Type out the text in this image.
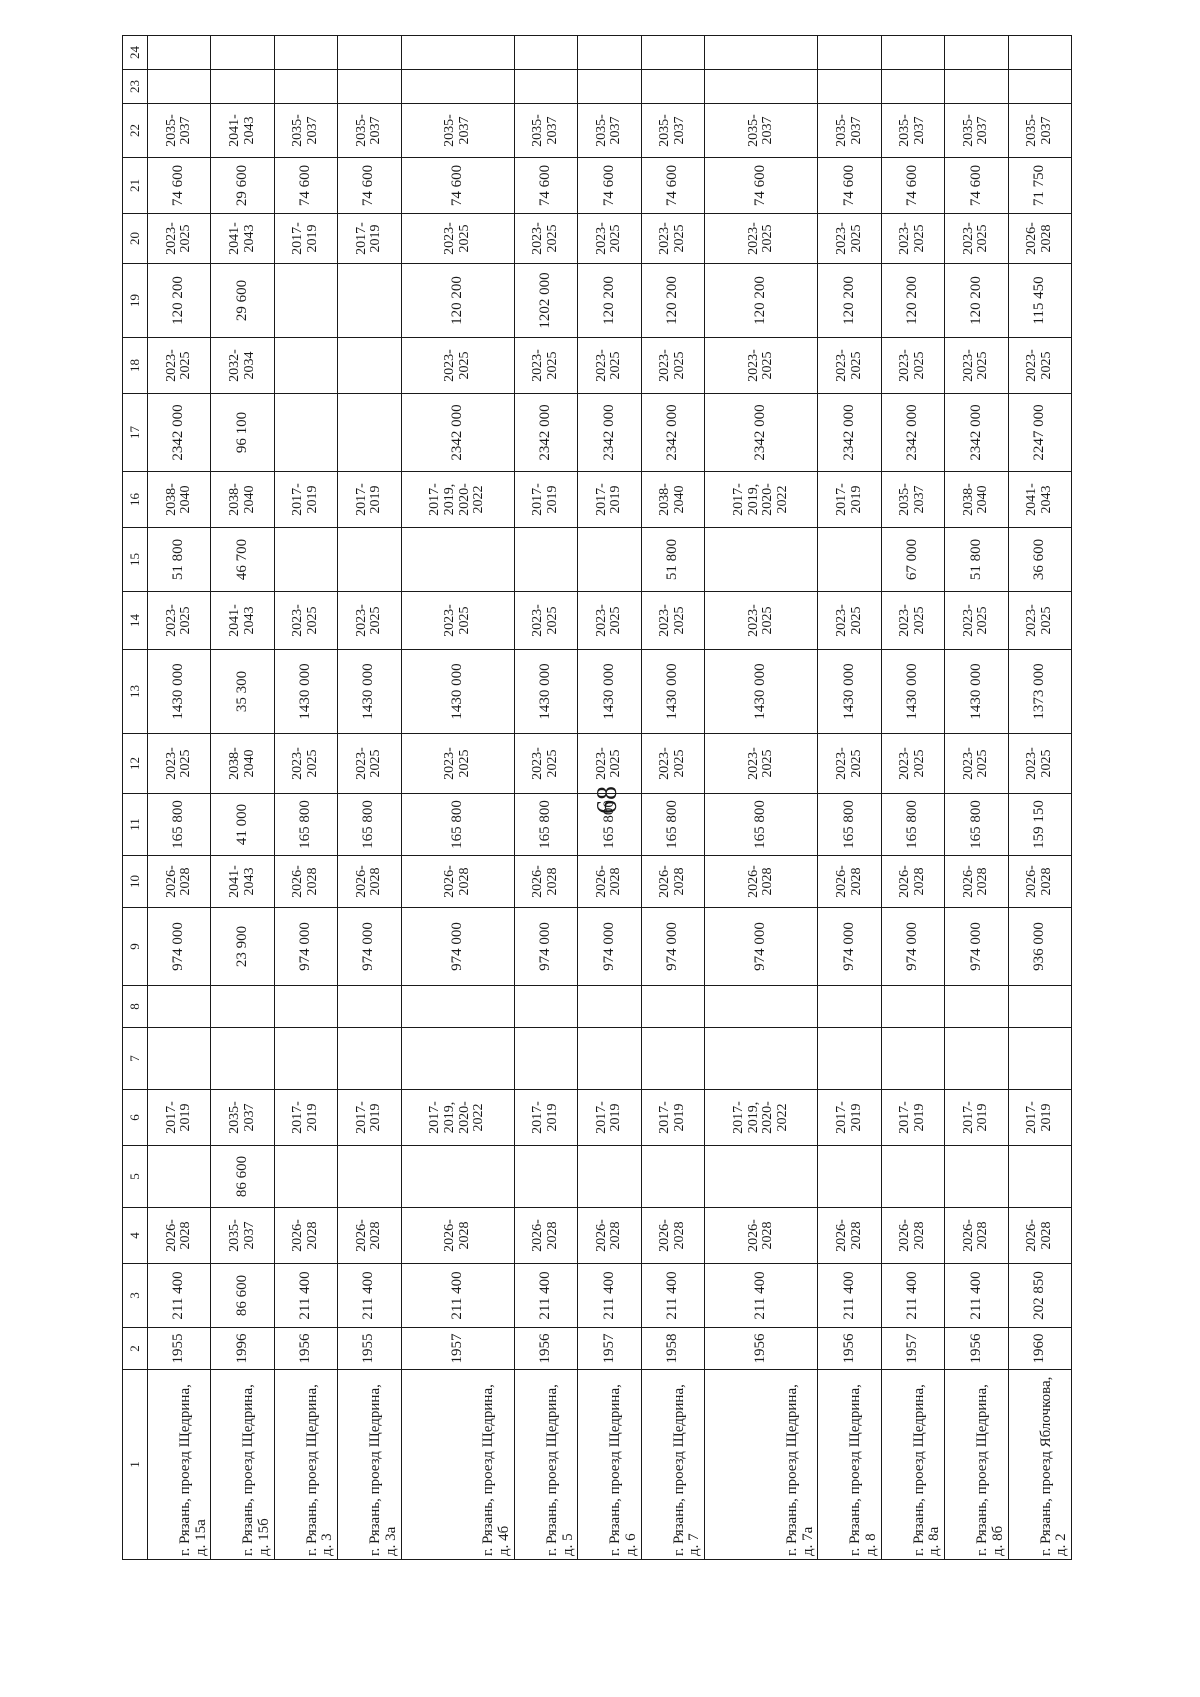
68
1	2	3	4	5	6	7	8	9	10	11	12	13	14	15	16	17	18	19	20	21	22	23	24
г. Рязань, проезд Щедрина, д. 15а	1955	211 400	2026-2028		2017-2019			974 000	2026-2028	165 800	2023-2025	1430 000	2023-2025	51 800	2038-2040	2342 000	2023-2025	120 200	2023-2025	74 600	2035-2037		
г. Рязань, проезд Щедрина, д. 15б	1996	86 600	2035-2037	86 600	2035-2037			23 900	2041-2043	41 000	2038-2040	35 300	2041-2043	46 700	2038-2040	96 100	2032-2034	29 600	2041-2043	29 600	2041-2043		
г. Рязань, проезд Щедрина, д. 3	1956	211 400	2026-2028		2017-2019			974 000	2026-2028	165 800	2023-2025	1430 000	2023-2025		2017-2019				2017-2019	74 600	2035-2037		
г. Рязань, проезд Щедрина, д. 3а	1955	211 400	2026-2028		2017-2019			974 000	2026-2028	165 800	2023-2025	1430 000	2023-2025		2017-2019				2017-2019	74 600	2035-2037		
г. Рязань, проезд Щедрина, д. 4б	1957	211 400	2026-2028		2017-2019, 2020-2022			974 000	2026-2028	165 800	2023-2025	1430 000	2023-2025		2017-2019, 2020-2022	2342 000	2023-2025	120 200	2023-2025	74 600	2035-2037		
г. Рязань, проезд Щедрина, д. 5	1956	211 400	2026-2028		2017-2019			974 000	2026-2028	165 800	2023-2025	1430 000	2023-2025		2017-2019	2342 000	2023-2025	1202 000	2023-2025	74 600	2035-2037		
г. Рязань, проезд Щедрина, д. 6	1957	211 400	2026-2028		2017-2019			974 000	2026-2028	165 800	2023-2025	1430 000	2023-2025		2017-2019	2342 000	2023-2025	120 200	2023-2025	74 600	2035-2037		
г. Рязань, проезд Щедрина, д. 7	1958	211 400	2026-2028		2017-2019			974 000	2026-2028	165 800	2023-2025	1430 000	2023-2025	51 800	2038-2040	2342 000	2023-2025	120 200	2023-2025	74 600	2035-2037		
г. Рязань, проезд Щедрина, д. 7а	1956	211 400	2026-2028		2017-2019, 2020-2022			974 000	2026-2028	165 800	2023-2025	1430 000	2023-2025		2017-2019, 2020-2022	2342 000	2023-2025	120 200	2023-2025	74 600	2035-2037		
г. Рязань, проезд Щедрина, д. 8	1956	211 400	2026-2028		2017-2019			974 000	2026-2028	165 800	2023-2025	1430 000	2023-2025		2017-2019	2342 000	2023-2025	120 200	2023-2025	74 600	2035-2037		
г. Рязань, проезд Щедрина, д. 8а	1957	211 400	2026-2028		2017-2019			974 000	2026-2028	165 800	2023-2025	1430 000	2023-2025	67 000	2035-2037	2342 000	2023-2025	120 200	2023-2025	74 600	2035-2037		
г. Рязань, проезд Щедрина, д. 8б	1956	211 400	2026-2028		2017-2019			974 000	2026-2028	165 800	2023-2025	1430 000	2023-2025	51 800	2038-2040	2342 000	2023-2025	120 200	2023-2025	74 600	2035-2037		
г. Рязань, проезд Яблочкова, д. 2	1960	202 850	2026-2028		2017-2019			936 000	2026-2028	159 150	2023-2025	1373 000	2023-2025	36 600	2041-2043	2247 000	2023-2025	115 450	2026-2028	71 750	2035-2037		
